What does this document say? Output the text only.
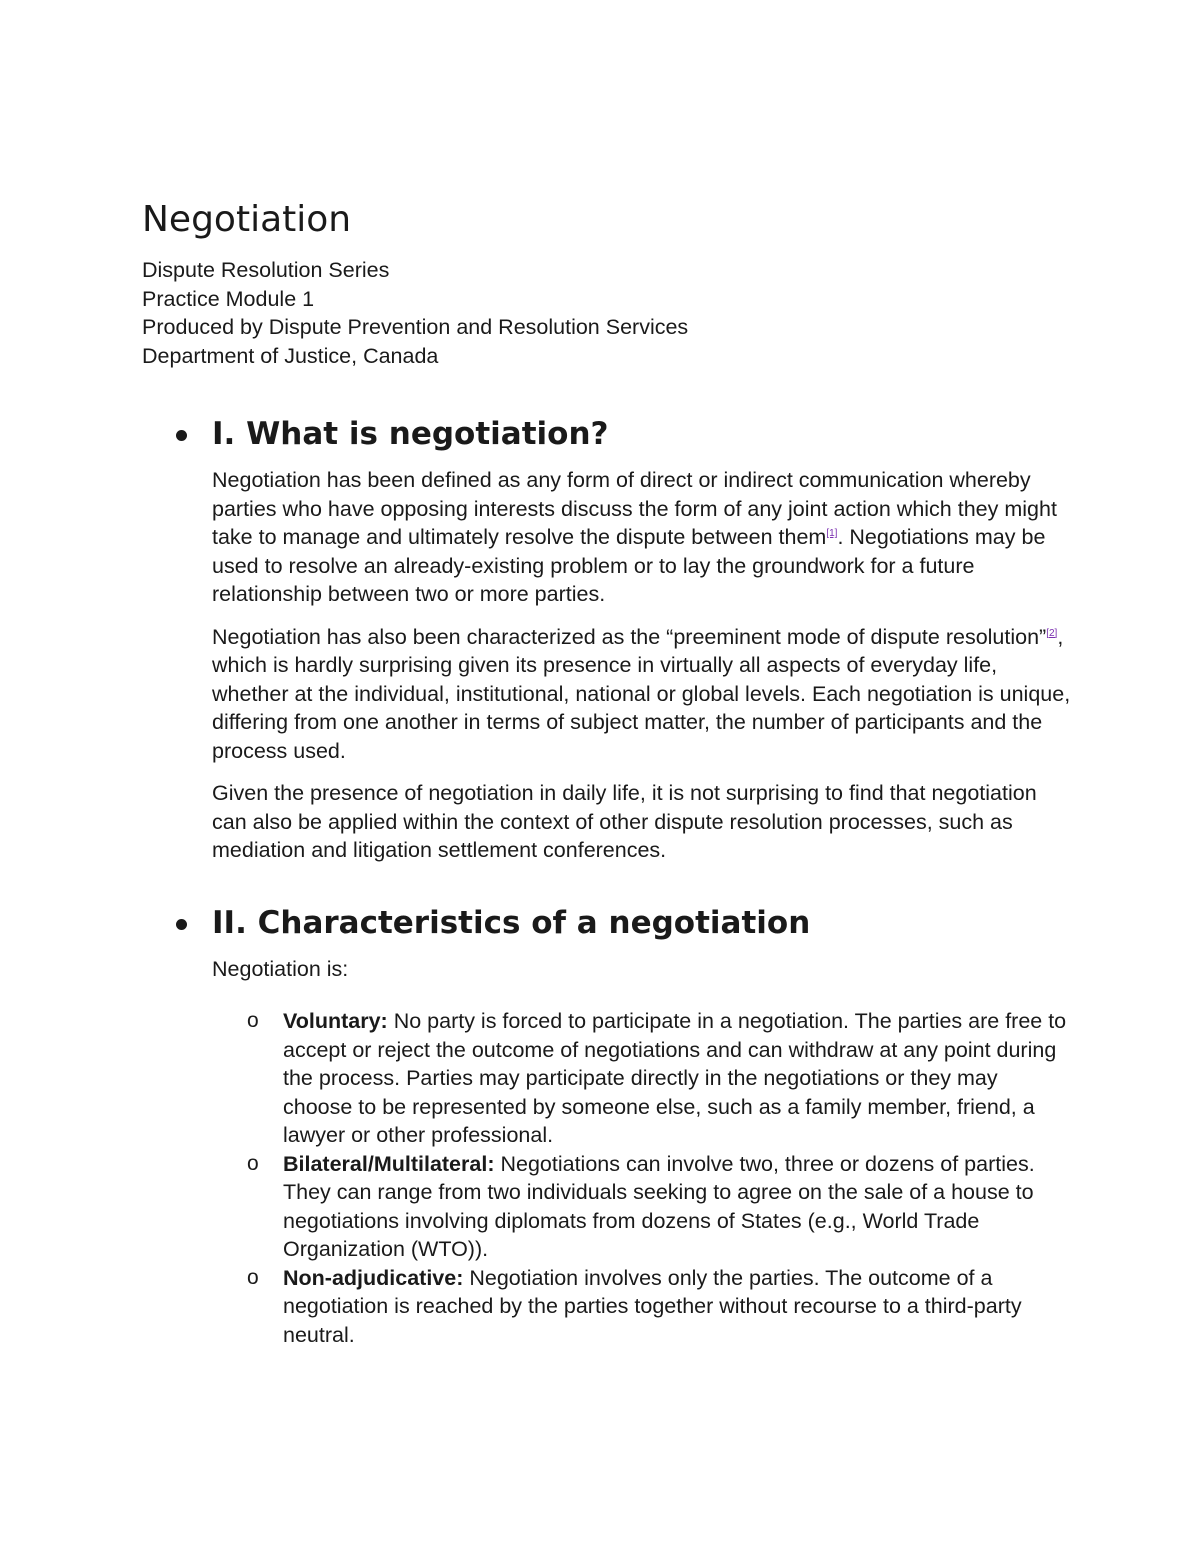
Negotiation
Dispute Resolution Series
Practice Module 1
Produced by Dispute Prevention and Resolution Services
Department of Justice, Canada
I. What is negotiation?

Negotiation has been defined as any form of direct or indirect communication whereby parties who have opposing interests discuss the form of any joint action which they might take to manage and ultimately resolve the dispute between them[1]. Negotiations may be used to resolve an already-existing problem or to lay the groundwork for a future relationship between two or more parties.

Negotiation has also been characterized as the “preeminent mode of dispute resolution”[2], which is hardly surprising given its presence in virtually all aspects of everyday life, whether at the individual, institutional, national or global levels. Each negotiation is unique, differing from one another in terms of subject matter, the number of participants and the process used.

Given the presence of negotiation in daily life, it is not surprising to find that negotiation can also be applied within the context of other dispute resolution processes, such as mediation and litigation settlement conferences.

II. Characteristics of a negotiation

Negotiation is:

o Voluntary: No party is forced to participate in a negotiation. The parties are free to accept or reject the outcome of negotiations and can withdraw at any point during the process. Parties may participate directly in the negotiations or they may choose to be represented by someone else, such as a family member, friend, a lawyer or other professional.
o Bilateral/Multilateral: Negotiations can involve two, three or dozens of parties. They can range from two individuals seeking to agree on the sale of a house to negotiations involving diplomats from dozens of States (e.g., World Trade Organization (WTO)).
o Non-adjudicative: Negotiation involves only the parties. The outcome of a negotiation is reached by the parties together without recourse to a third-party neutral.
